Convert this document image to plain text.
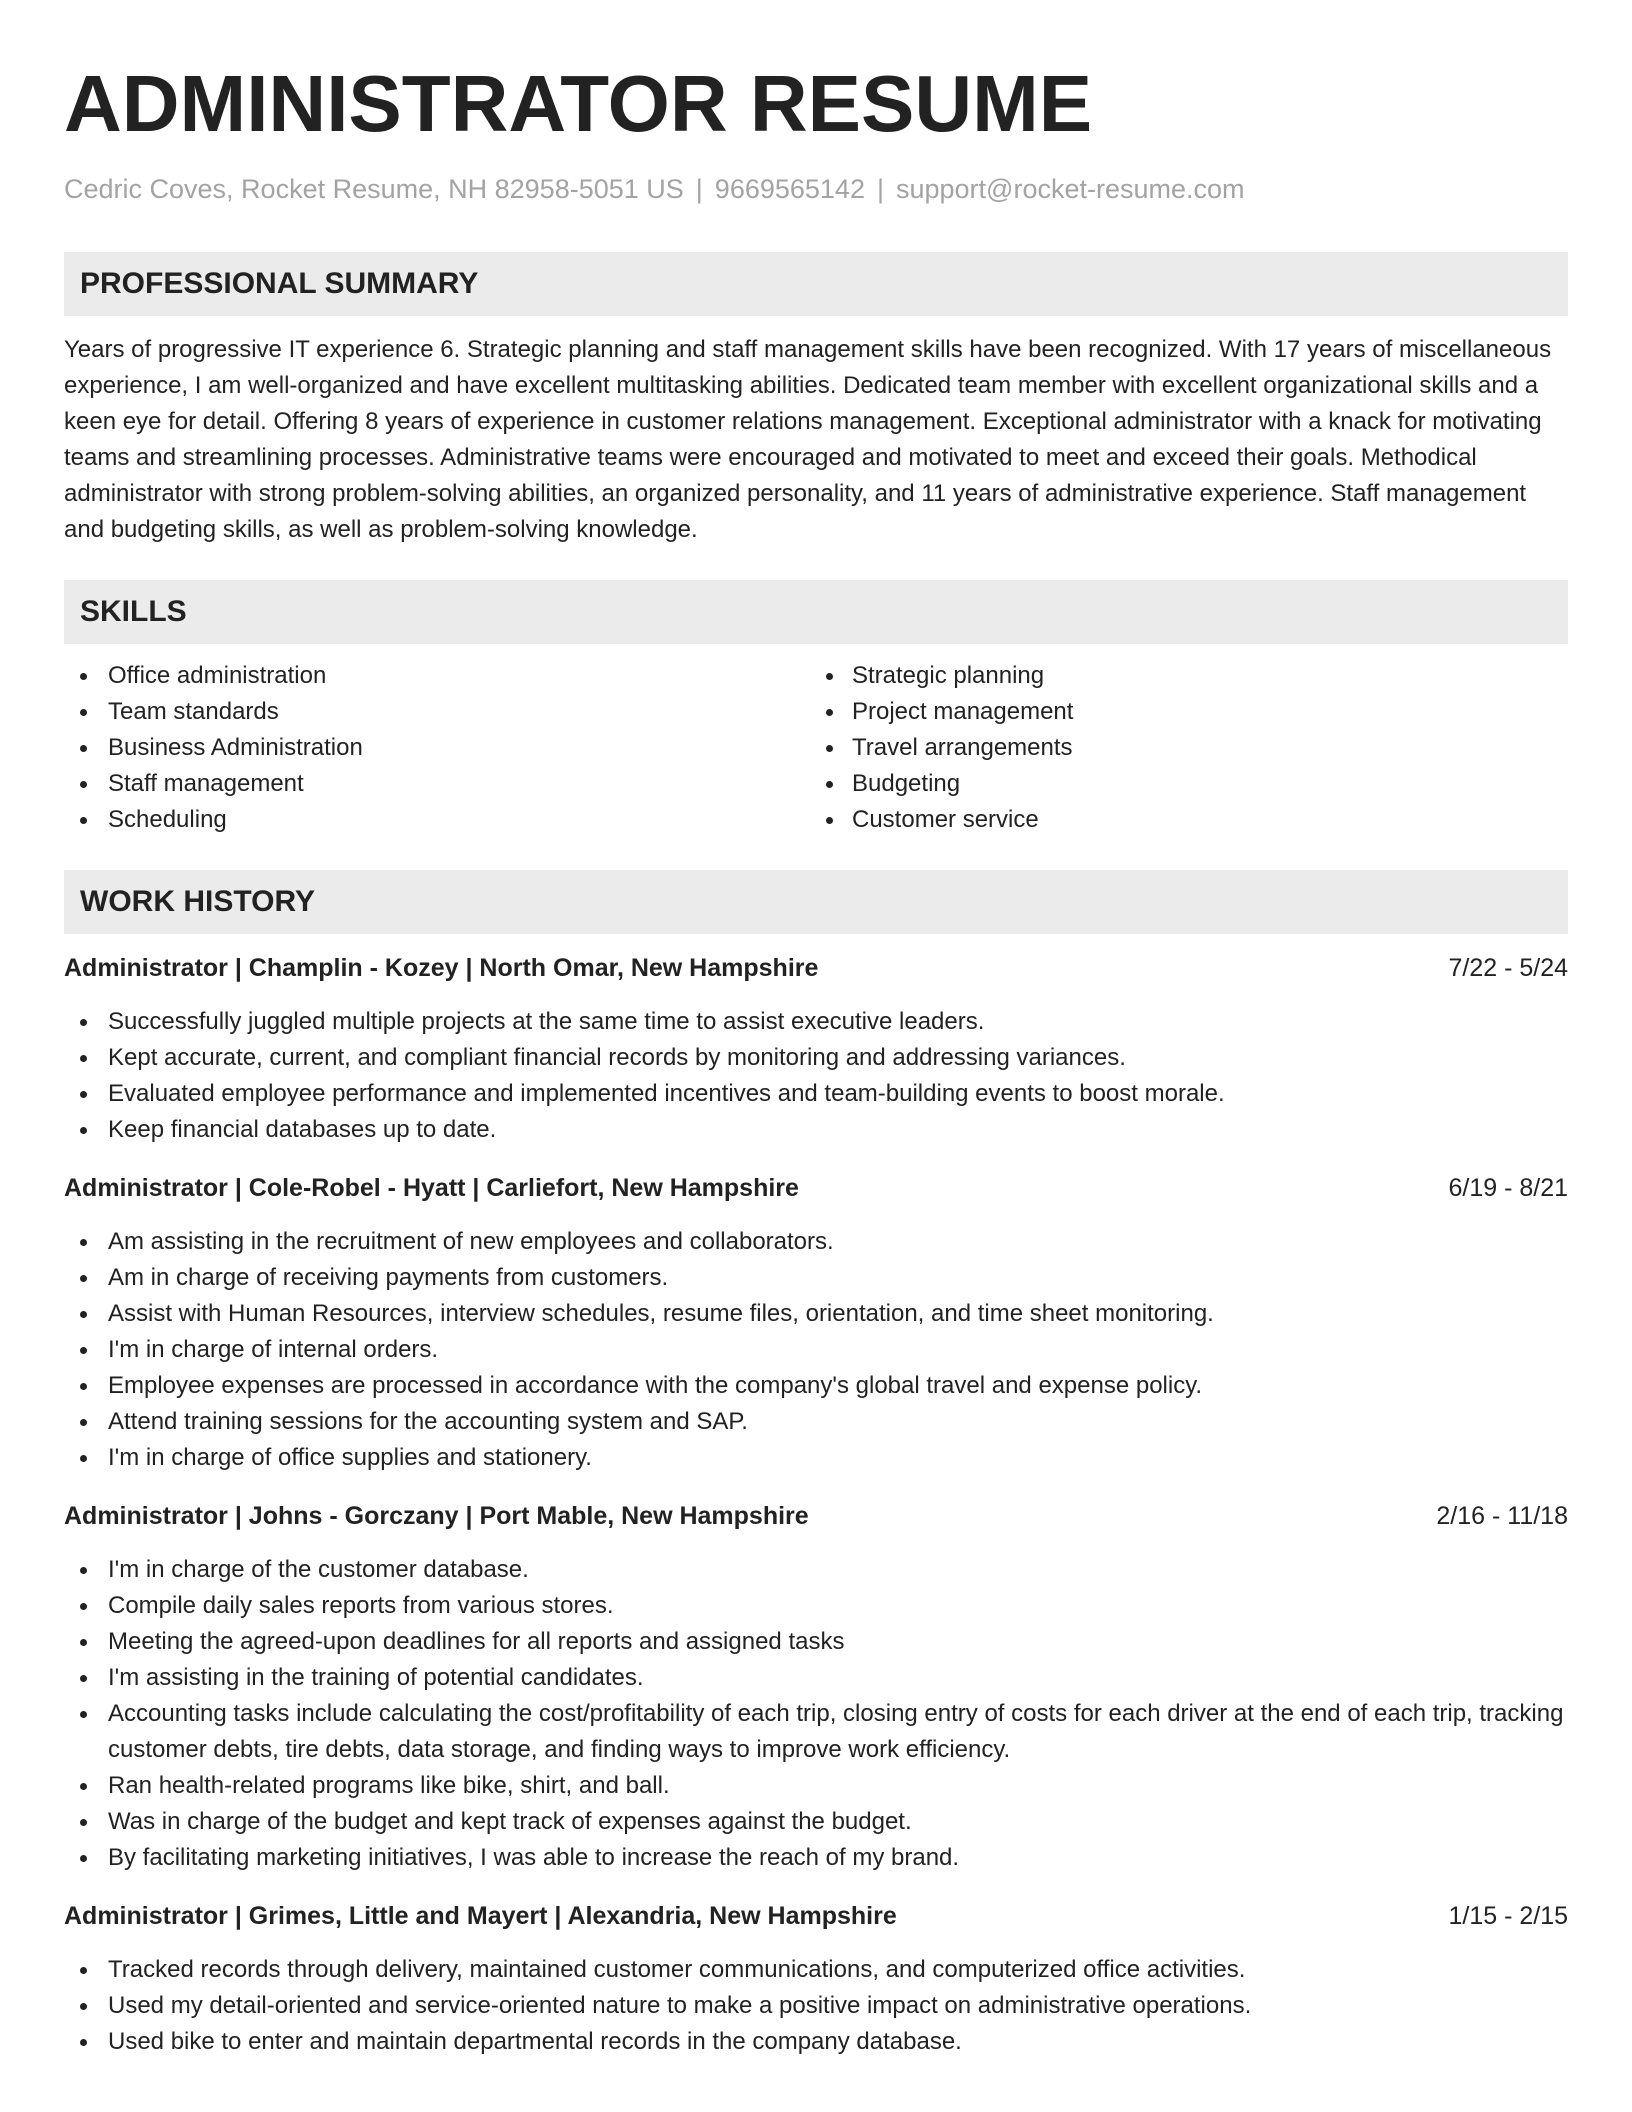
ADMINISTRATOR RESUME
Cedric Coves, Rocket Resume, NH 82958-5051 US | 9669565142 | support@rocket-resume.com
PROFESSIONAL SUMMARY
Years of progressive IT experience 6. Strategic planning and staff management skills have been recognized. With 17 years of miscellaneous experience, I am well-organized and have excellent multitasking abilities. Dedicated team member with excellent organizational skills and a keen eye for detail. Offering 8 years of experience in customer relations management. Exceptional administrator with a knack for motivating teams and streamlining processes. Administrative teams were encouraged and motivated to meet and exceed their goals. Methodical administrator with strong problem-solving abilities, an organized personality, and 11 years of administrative experience. Staff management and budgeting skills, as well as problem-solving knowledge.
SKILLS
Office administration
Team standards
Business Administration
Staff management
Scheduling
Strategic planning
Project management
Travel arrangements
Budgeting
Customer service
WORK HISTORY
Administrator | Champlin - Kozey | North Omar, New Hampshire	7/22 - 5/24
Successfully juggled multiple projects at the same time to assist executive leaders.
Kept accurate, current, and compliant financial records by monitoring and addressing variances.
Evaluated employee performance and implemented incentives and team-building events to boost morale.
Keep financial databases up to date.
Administrator | Cole-Robel - Hyatt | Carliefort, New Hampshire	6/19 - 8/21
Am assisting in the recruitment of new employees and collaborators.
Am in charge of receiving payments from customers.
Assist with Human Resources, interview schedules, resume files, orientation, and time sheet monitoring.
I'm in charge of internal orders.
Employee expenses are processed in accordance with the company's global travel and expense policy.
Attend training sessions for the accounting system and SAP.
I'm in charge of office supplies and stationery.
Administrator | Johns - Gorczany | Port Mable, New Hampshire	2/16 - 11/18
I'm in charge of the customer database.
Compile daily sales reports from various stores.
Meeting the agreed-upon deadlines for all reports and assigned tasks
I'm assisting in the training of potential candidates.
Accounting tasks include calculating the cost/profitability of each trip, closing entry of costs for each driver at the end of each trip, tracking customer debts, tire debts, data storage, and finding ways to improve work efficiency.
Ran health-related programs like bike, shirt, and ball.
Was in charge of the budget and kept track of expenses against the budget.
By facilitating marketing initiatives, I was able to increase the reach of my brand.
Administrator | Grimes, Little and Mayert | Alexandria, New Hampshire	1/15 - 2/15
Tracked records through delivery, maintained customer communications, and computerized office activities.
Used my detail-oriented and service-oriented nature to make a positive impact on administrative operations.
Used bike to enter and maintain departmental records in the company database.
